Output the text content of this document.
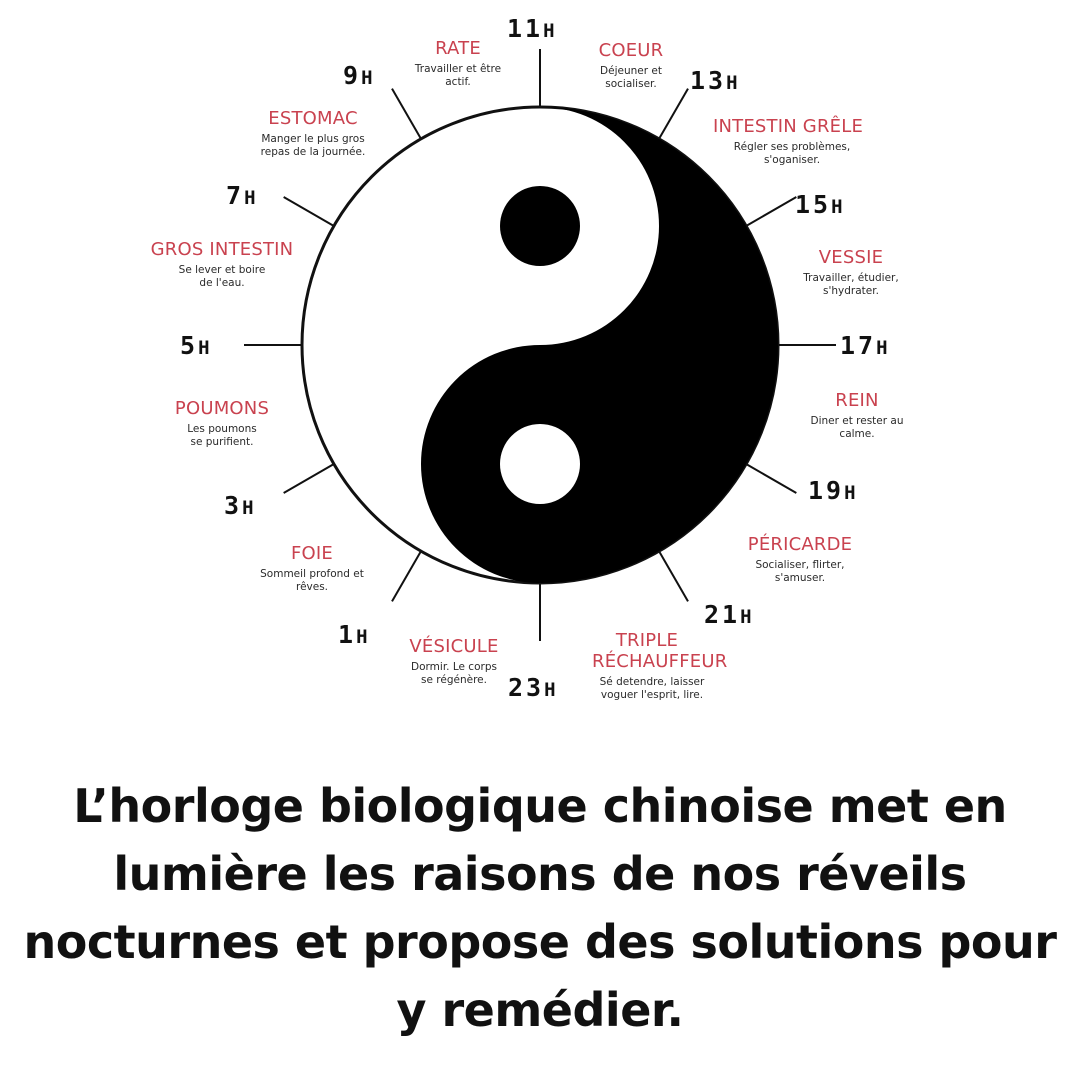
11H
13H
15H
17H
19H
21H
23H
1H
3H
5H
7H
9H
RATE
Travailler et être actif.
COEUR
Déjeuner et socialiser.
INTESTIN GRÊLE
Régler ses problèmes, s'oganiser.
VESSIE
Travailler, étudier, s'hydrater.
REIN
Diner et rester au calme.
PÉRICARDE
Socialiser, flirter, s'amuser.
TRIPLE RÉCHAUFFEUR
Sé detendre, laisser voguer l'esprit, lire.
VÉSICULE
Dormir. Le corps se régénère.
FOIE
Sommeil profond et rêves.
POUMONS
Les poumons se purifient.
GROS INTESTIN
Se lever et boire de l'eau.
ESTOMAC
Manger le plus gros repas de la journée.
L’horloge biologique chinoise met en lumière les raisons de nos réveils nocturnes et propose des solutions pour y remédier.
